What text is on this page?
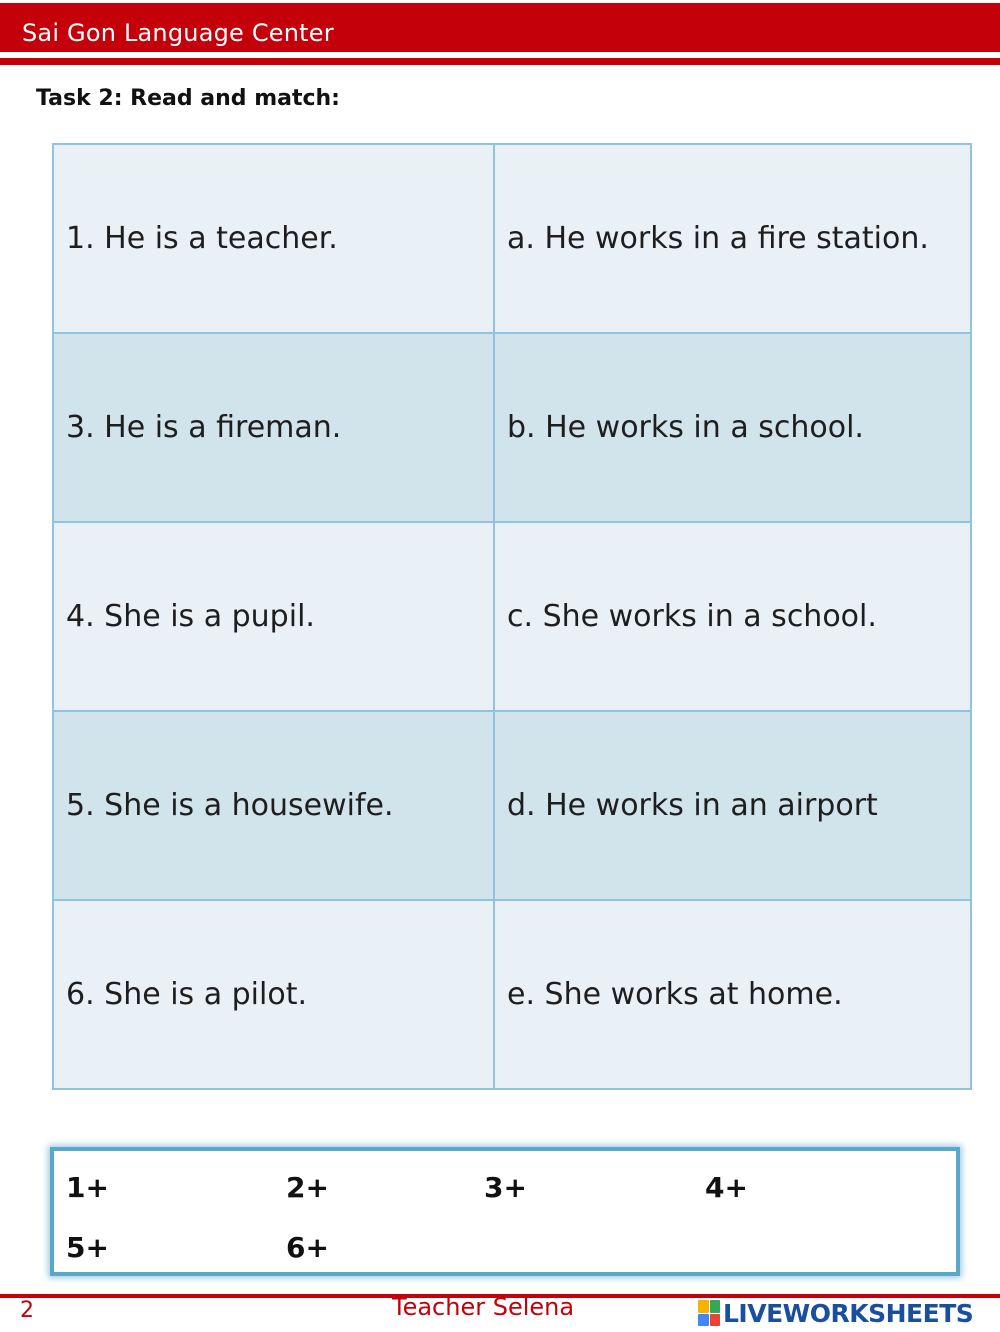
Sai Gon Language Center
Task 2: Read and match:
1. He is a teacher.	a. He works in a fire station.
3. He is a fireman.	b. He works in a school.
4. She is a pupil.	c. She works in a school.
5. She is a housewife.	d. He works in an airport
6. She is a pilot.	e. She works at home.
1+	2+	3+	4+
5+	6+
2	Teacher Selena	LIVEWORKSHEETS
